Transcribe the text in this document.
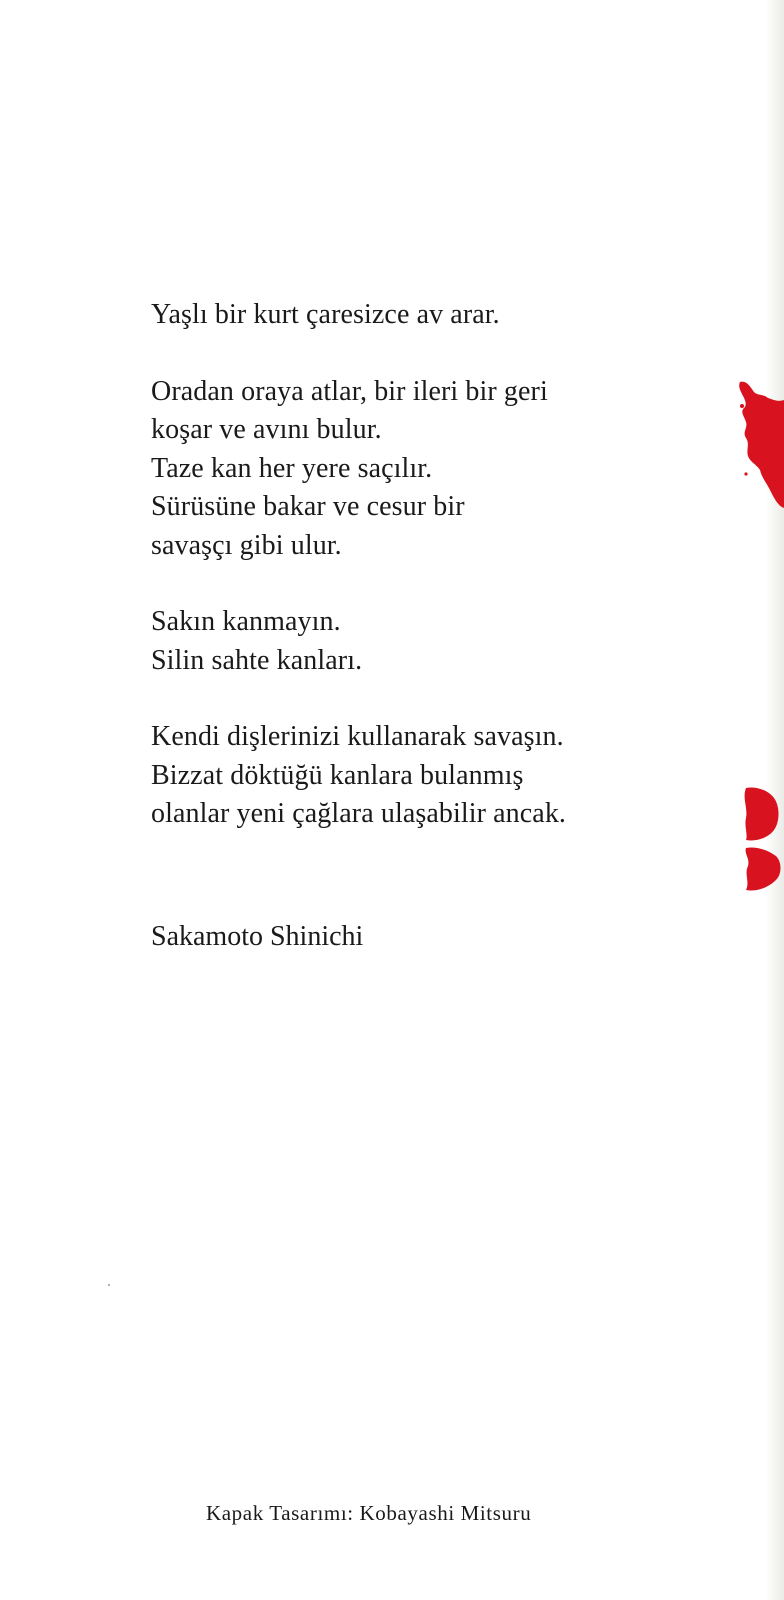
Yaşlı bir kurt çaresizce av arar.
Oradan oraya atlar, bir ileri bir geri
koşar ve avını bulur.
Taze kan her yere saçılır.
Sürüsüne bakar ve cesur bir
savaşçı gibi ulur.
Sakın kanmayın.
Silin sahte kanları.
Kendi dişlerinizi kullanarak savaşın.
Bizzat döktüğü kanlara bulanmış
olanlar yeni çağlara ulaşabilir ancak.
Sakamoto Shinichi
Kapak Tasarımı: Kobayashi Mitsuru
